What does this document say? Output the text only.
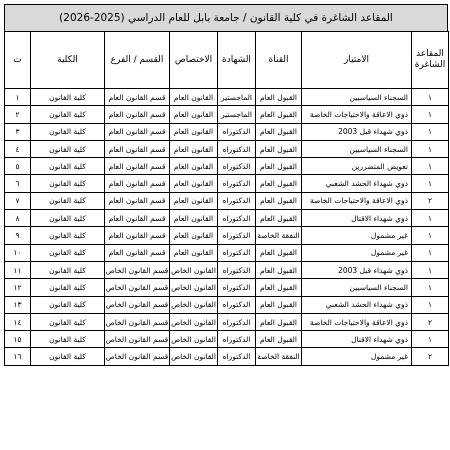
المقاعد الشاغرة في كلية القانون / جامعة بابل للعام الدراسي (2025-2026)
المقاعد الشاغرة	الامتياز	القناة	الشهادة	الاختصاص	القسم / الفرع	الكلية	ت
١	السجناء السياسيين	القبول العام	الماجستير	القانون العام	قسم القانون العام	كلية القانون	١
١	ذوي الاعاقة والاحتياجات الخاصة	القبول العام	الماجستير	القانون العام	قسم القانون العام	كلية القانون	٢
١	ذوي شهداء قبل 2003	القبول العام	الدكتوراه	القانون العام	قسم القانون العام	كلية القانون	٣
١	السجناء السياسيين	القبول العام	الدكتوراه	القانون العام	قسم القانون العام	كلية القانون	٤
١	تعويض المتضررين	القبول العام	الدكتوراه	القانون العام	قسم القانون العام	كلية القانون	٥
١	ذوي شهداء الحشد الشعبي	القبول العام	الدكتوراه	القانون العام	قسم القانون العام	كلية القانون	٦
٢	ذوي الاعاقة والاحتياجات الخاصة	القبول العام	الدكتوراه	القانون العام	قسم القانون العام	كلية القانون	٧
١	ذوي شهداء الاقتال	القبول العام	الدكتوراه	القانون العام	قسم القانون العام	كلية القانون	٨
١	غير مشمول	النفقة الخاصة	الدكتوراه	القانون العام	قسم القانون العام	كلية القانون	٩
١	غير مشمول	القبول العام	الدكتوراه	القانون العام	قسم القانون العام	كلية القانون	١٠
١	ذوي شهداء قبل 2003	القبول العام	الدكتوراه	القانون الخاص	قسم القانون الخاص	كلية القانون	١١
١	السجناء السياسيين	القبول العام	الدكتوراه	القانون الخاص	قسم القانون الخاص	كلية القانون	١٢
١	ذوي شهداء الحشد الشعبي	القبول العام	الدكتوراه	القانون الخاص	قسم القانون الخاص	كلية القانون	١٣
٢	ذوي الاعاقة والاحتياجات الخاصة	القبول العام	الدكتوراه	القانون الخاص	قسم القانون الخاص	كلية القانون	١٤
١	ذوي شهداء الاقتال	القبول العام	الدكتوراه	القانون الخاص	قسم القانون الخاص	كلية القانون	١٥
٢	غير مشمول	النفقة الخاصة	الدكتوراه	القانون الخاص	قسم القانون الخاص	كلية القانون	١٦
